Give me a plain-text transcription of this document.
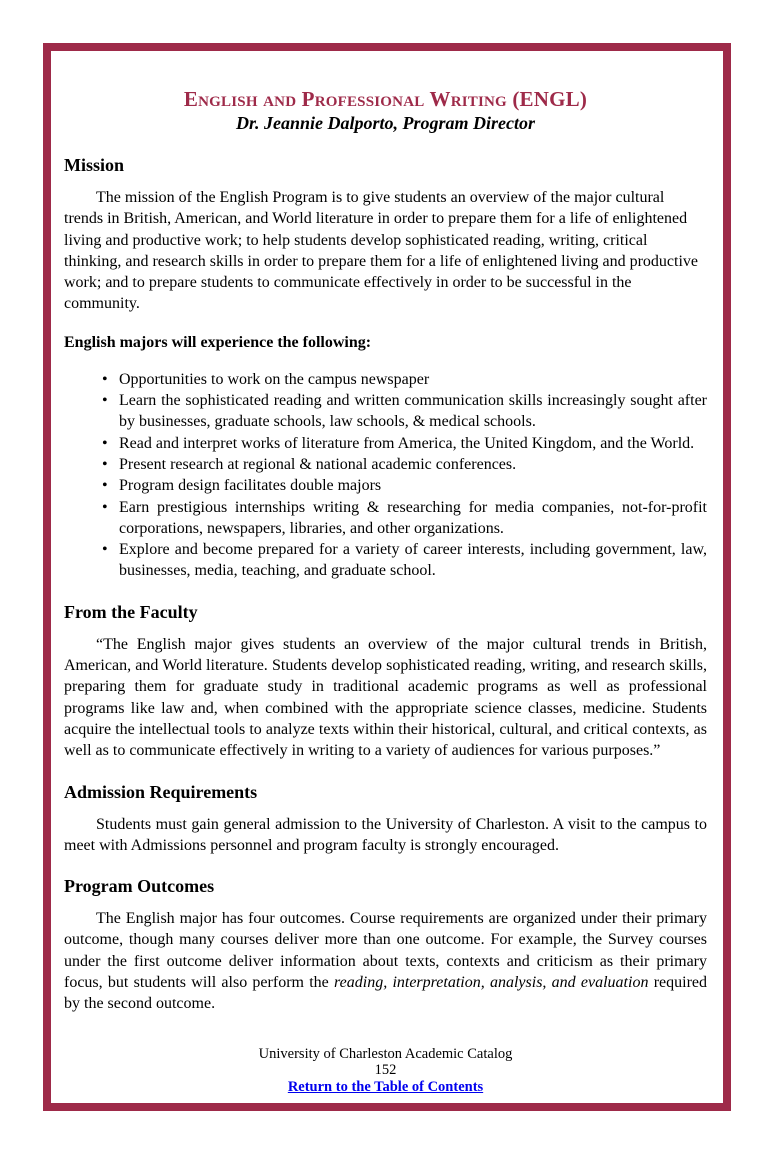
English and Professional Writing (ENGL)
Dr. Jeannie Dalporto, Program Director
Mission
The mission of the English Program is to give students an overview of the major cultural trends in British, American, and World literature in order to prepare them for a life of enlightened living and productive work; to help students develop sophisticated reading, writing, critical thinking, and research skills in order to prepare them for a life of enlightened living and productive work; and to prepare students to communicate effectively in order to be successful in the community.
English majors will experience the following:
• Opportunities to work on the campus newspaper
• Learn the sophisticated reading and written communication skills increasingly sought after by businesses, graduate schools, law schools, & medical schools.
• Read and interpret works of literature from America, the United Kingdom, and the World.
• Present research at regional & national academic conferences.
• Program design facilitates double majors
• Earn prestigious internships writing & researching for media companies, not-for-profit corporations, newspapers, libraries, and other organizations.
• Explore and become prepared for a variety of career interests, including government, law, businesses, media, teaching, and graduate school.
From the Faculty
“The English major gives students an overview of the major cultural trends in British, American, and World literature. Students develop sophisticated reading, writing, and research skills, preparing them for graduate study in traditional academic programs as well as professional programs like law and, when combined with the appropriate science classes, medicine. Students acquire the intellectual tools to analyze texts within their historical, cultural, and critical contexts, as well as to communicate effectively in writing to a variety of audiences for various purposes.”
Admission Requirements
Students must gain general admission to the University of Charleston. A visit to the campus to meet with Admissions personnel and program faculty is strongly encouraged.
Program Outcomes
The English major has four outcomes. Course requirements are organized under their primary outcome, though many courses deliver more than one outcome. For example, the Survey courses under the first outcome deliver information about texts, contexts and criticism as their primary focus, but students will also perform the reading, interpretation, analysis, and evaluation required by the second outcome.
University of Charleston Academic Catalog
152
Return to the Table of Contents
